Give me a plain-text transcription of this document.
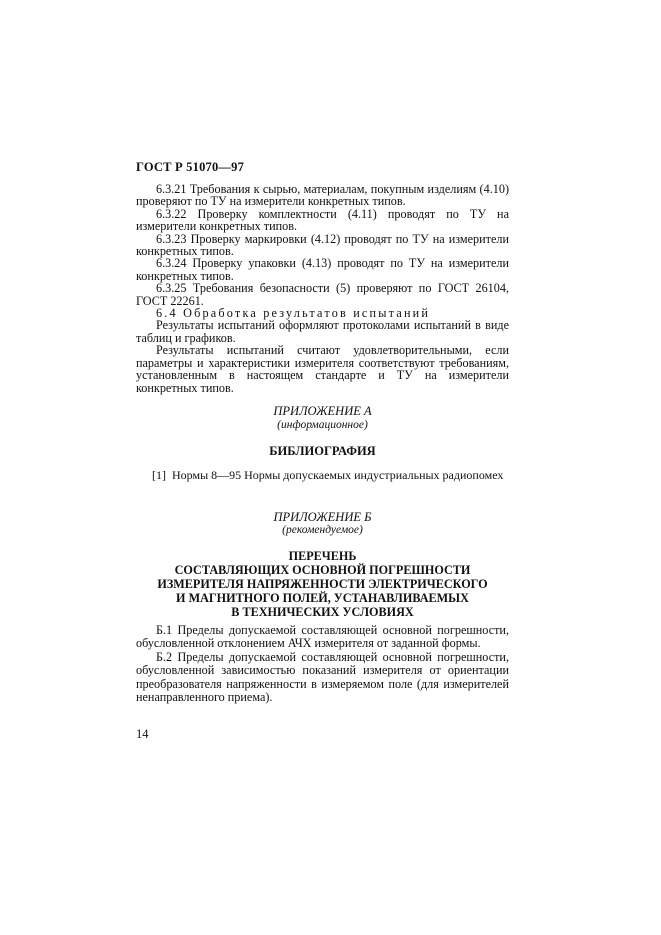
ГОСТ Р 51070—97

6.3.21 Требования к сырью, материалам, покупным изделиям (4.10) проверяют по ТУ на измерители конкретных типов.

6.3.22 Проверку комплектности (4.11) проводят по ТУ на измерители конкретных типов.

6.3.23 Проверку маркировки (4.12) проводят по ТУ на измерители конкретных типов.

6.3.24 Проверку упаковки (4.13) проводят по ТУ на измерители конкретных типов.

6.3.25 Требования безопасности (5) проверяют по ГОСТ 26104, ГОСТ 22261.

6.4 Обработка результатов испытаний

Результаты испытаний оформляют протоколами испытаний в виде таблиц и графиков.

Результаты испытаний считают удовлетворительными, если параметры и характеристики измерителя соответствуют требованиям, установленным в настоящем стандарте и ТУ на измерители конкретных типов.

ПРИЛОЖЕНИЕ А

(информационное)

БИБЛИОГРАФИЯ

[1] Нормы 8—95 Нормы допускаемых индустриальных радиопомех

ПРИЛОЖЕНИЕ Б

(рекомендуемое)

ПЕРЕЧЕНЬ
СОСТАВЛЯЮЩИХ ОСНОВНОЙ ПОГРЕШНОСТИ
ИЗМЕРИТЕЛЯ НАПРЯЖЕННОСТИ ЭЛЕКТРИЧЕСКОГО
И МАГНИТНОГО ПОЛЕЙ, УСТАНАВЛИВАЕМЫХ
В ТЕХНИЧЕСКИХ УСЛОВИЯХ

Б.1 Пределы допускаемой составляющей основной погрешности, обусловленной отклонением АЧХ измерителя от заданной формы.

Б.2 Пределы допускаемой составляющей основной погрешности, обусловленной зависимостью показаний измерителя от ориентации преобразователя напряженности в измеряемом поле (для измерителей ненаправленного приема).

14
